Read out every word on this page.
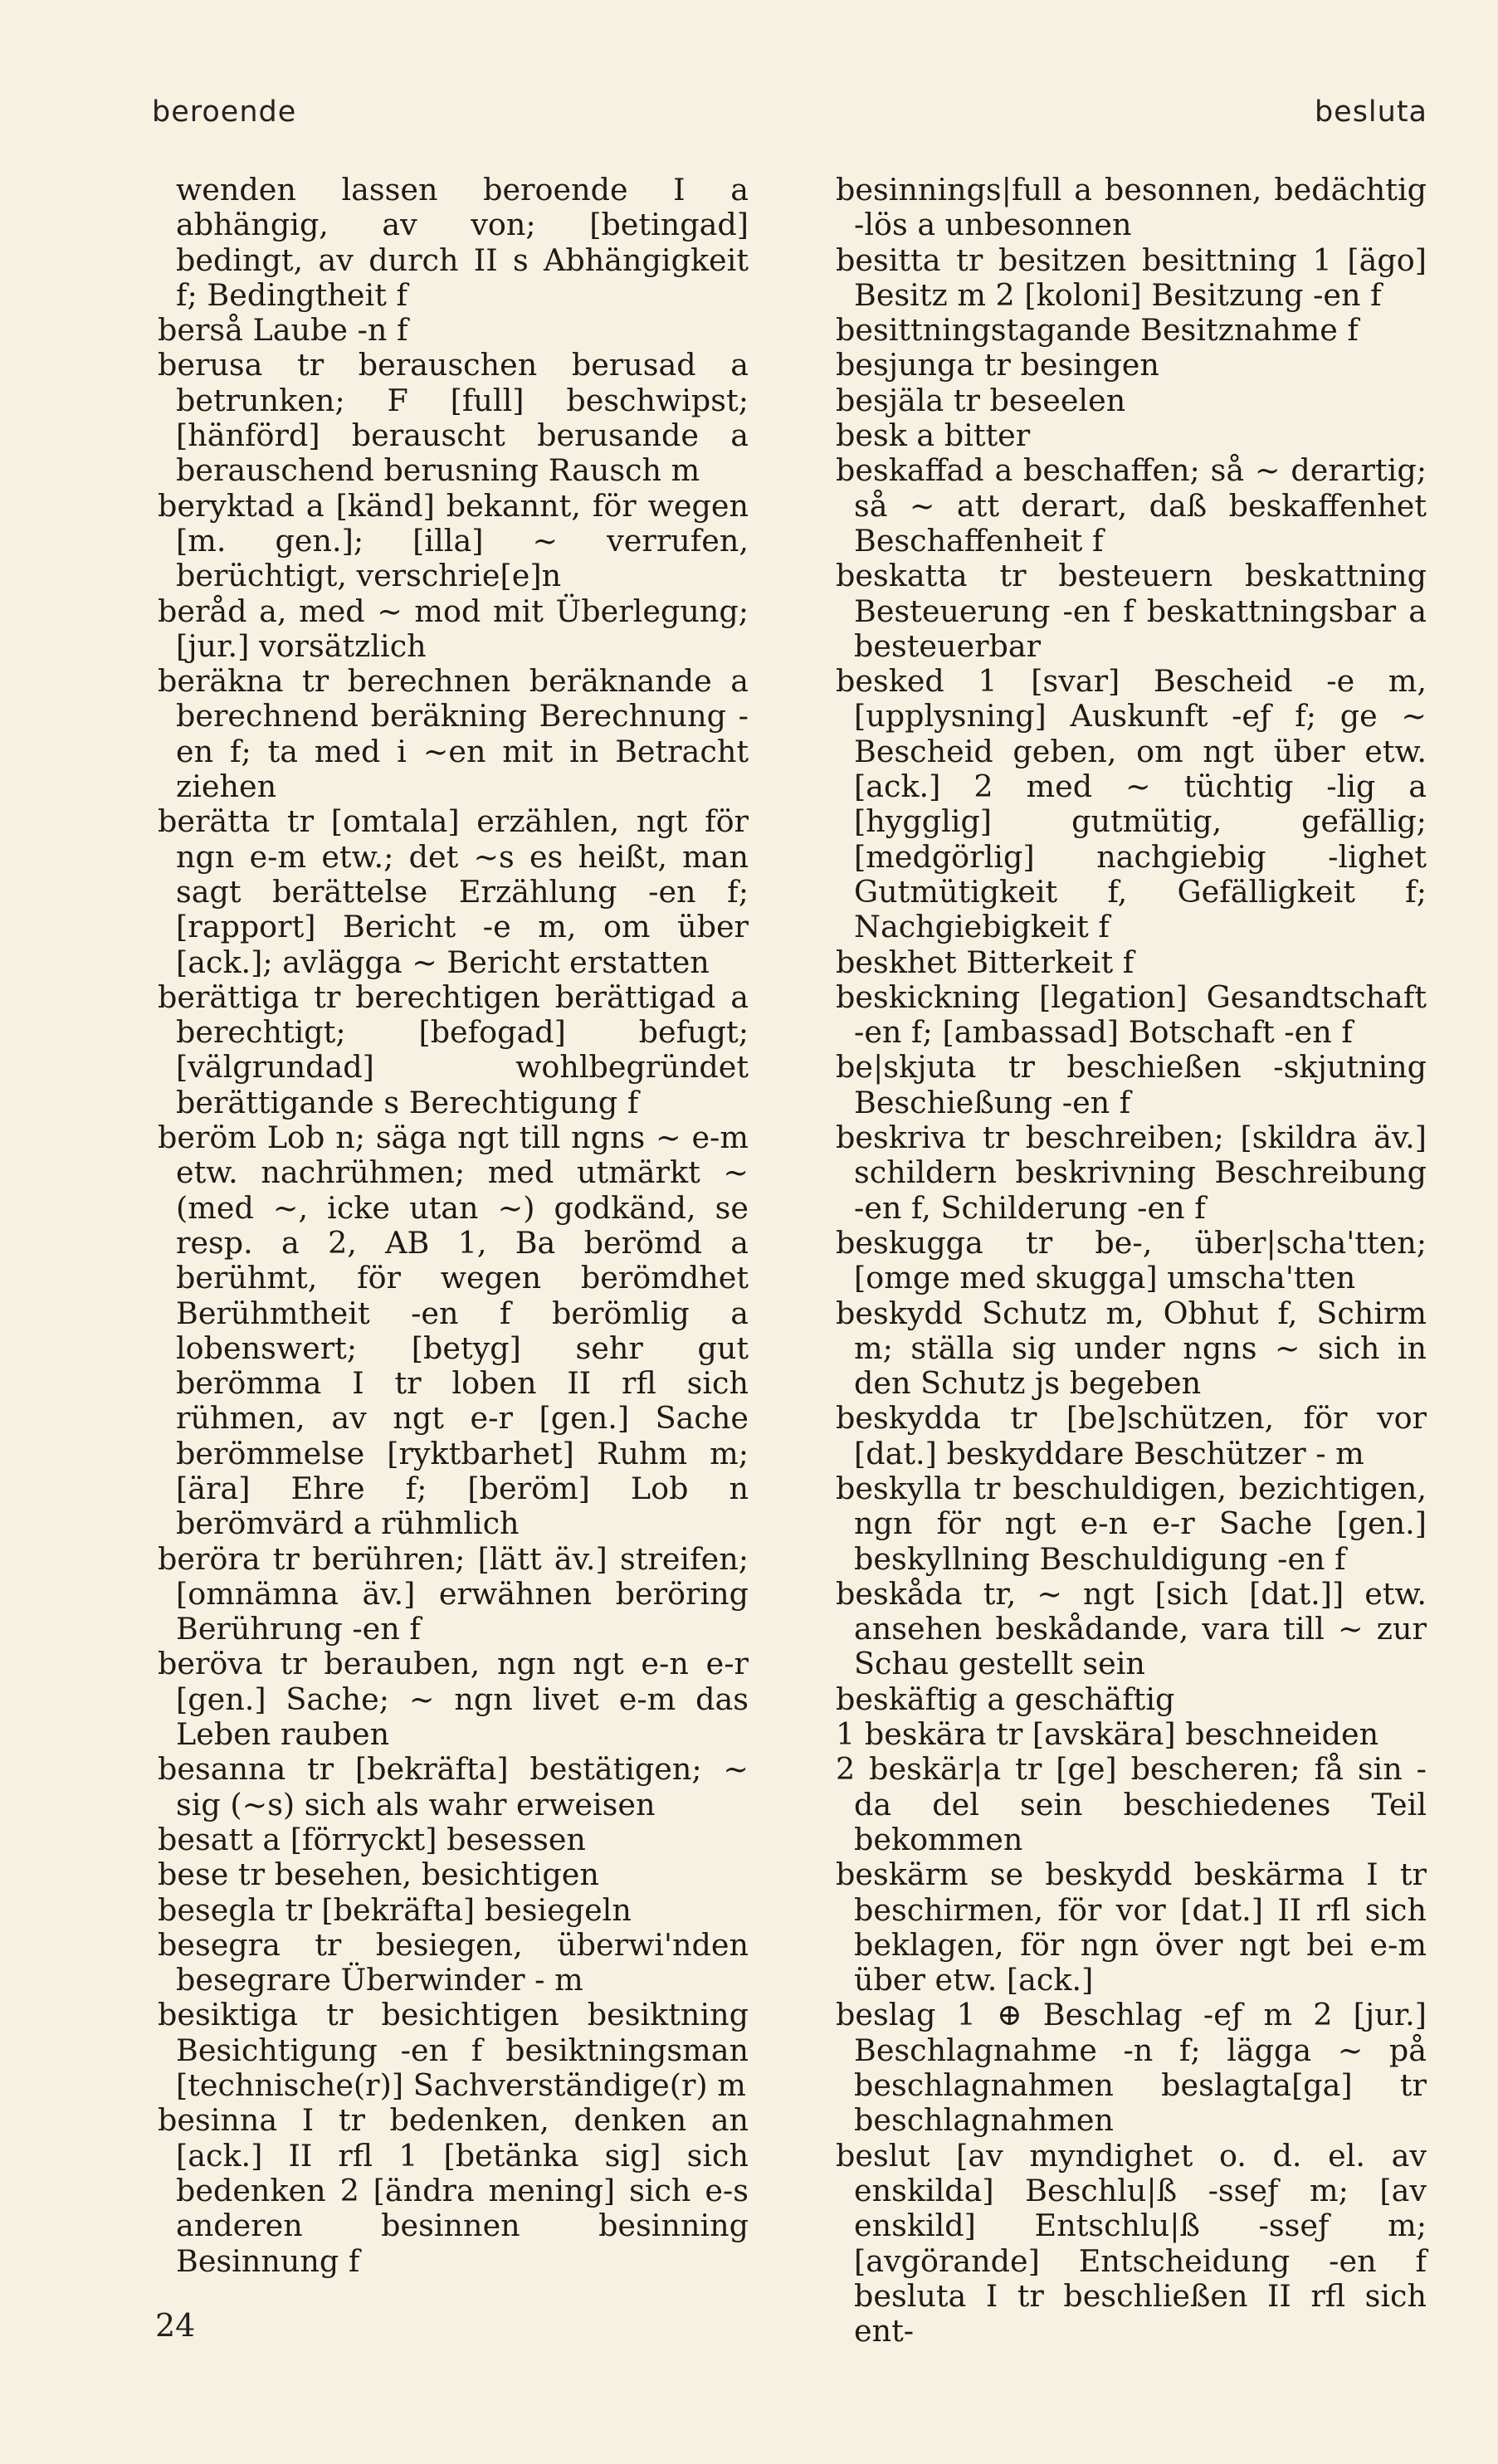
beroende	besluta

wenden lassen beroende I a abhängig, av von; [betingad] bedingt, av durch II s Abhängigkeit f; Bedingtheit f

berså Laube -n f

berusa tr berauschen berusad a betrunken; F [full] beschwipst; [hänförd] berauscht berusande a berauschend berusning Rausch m

beryktad a [känd] bekannt, för wegen [m. gen.]; [illa] ~ verrufen, berüchtigt, verschrie[e]n

beråd a, med ~ mod mit Überlegung; [jur.] vorsätzlich

beräkna tr berechnen beräknande a berechnend beräkning Berechnung -en f; ta med i ~en mit in Betracht ziehen

berätta tr [omtala] erzählen, ngt för ngn e-m etw.; det ~s es heißt, man sagt berättelse Erzählung -en f; [rapport] Bericht -e m, om über [ack.]; avlägga ~ Bericht erstatten

berättiga tr berechtigen berättigad a berechtigt; [befogad] befugt; [välgrundad] wohlbegründet berättigande s Berechtigung f

beröm Lob n; säga ngt till ngns ~ e-m etw. nachrühmen; med utmärkt ~ (med ~, icke utan ~) godkänd, se resp. a 2, AB 1, Ba berömd a berühmt, för wegen berömdhet Berühmtheit -en f berömlig a lobenswert; [betyg] sehr gut berömma I tr loben II rfl sich rühmen, av ngt e-r [gen.] Sache berömmelse [ryktbarhet] Ruhm m; [ära] Ehre f; [beröm] Lob n berömvärd a rühmlich

beröra tr berühren; [lätt äv.] streifen; [omnämna äv.] erwähnen beröring Berührung -en f

beröva tr berauben, ngn ngt e-n e-r [gen.] Sache; ~ ngn livet e-m das Leben rauben

besanna tr [bekräfta] bestätigen; ~ sig (~s) sich als wahr erweisen

besatt a [förryckt] besessen

bese tr besehen, besichtigen

besegla tr [bekräfta] besiegeln

besegra tr besiegen, überwi'nden besegrare Überwinder - m

besiktiga tr besichtigen besiktning Besichtigung -en f besiktningsman [technische(r)] Sachverständige(r) m

besinna I tr bedenken, denken an [ack.] II rfl 1 [betänka sig] sich bedenken 2 [ändra mening] sich e-s anderen besinnen besinning Besinnung f

besinnings|full a besonnen, bedächtig -lös a unbesonnen

besitta tr besitzen besittning 1 [ägo] Besitz m 2 [koloni] Besitzung -en f

besittningstagande Besitznahme f

besjunga tr besingen

besjäla tr beseelen

besk a bitter

beskaffad a beschaffen; så ~ derartig; så ~ att derart, daß beskaffenhet Beschaffenheit f

beskatta tr besteuern beskattning Besteuerung -en f beskattningsbar a besteuerbar

besked 1 [svar] Bescheid -e m, [upplysning] Auskunft -eƒ f; ge ~ Bescheid geben, om ngt über etw. [ack.] 2 med ~ tüchtig -lig a [hygglig] gutmütig, gefällig; [medgörlig] nachgiebig -lighet Gutmütigkeit f, Gefälligkeit f; Nachgiebigkeit f

beskhet Bitterkeit f

beskickning [legation] Gesandtschaft -en f; [ambassad] Botschaft -en f

be|skjuta tr beschießen -skjutning Beschießung -en f

beskriva tr beschreiben; [skildra äv.] schildern beskrivning Beschreibung -en f, Schilderung -en f

beskugga tr be-, über|scha'tten; [omge med skugga] umscha'tten

beskydd Schutz m, Obhut f, Schirm m; ställa sig under ngns ~ sich in den Schutz js begeben

beskydda tr [be]schützen, för vor [dat.] beskyddare Beschützer - m

beskylla tr beschuldigen, bezichtigen, ngn för ngt e-n e-r Sache [gen.] beskyllning Beschuldigung -en f

beskåda tr, ~ ngt [sich [dat.]] etw. ansehen beskådande, vara till ~ zur Schau gestellt sein

beskäftig a geschäftig

1 beskära tr [avskära] beschneiden

2 beskär|a tr [ge] bescheren; få sin -da del sein beschiedenes Teil bekommen

beskärm se beskydd beskärma I tr beschirmen, för vor [dat.] II rfl sich beklagen, för ngn över ngt bei e-m über etw. [ack.]

beslag 1 ⊕ Beschlag -eƒ m 2 [jur.] Beschlagnahme -n f; lägga ~ på beschlagnahmen beslagta[ga] tr beschlagnahmen

beslut [av myndighet o. d. el. av enskilda] Beschlu|ß -sseƒ m; [av enskild] Entschlu|ß -sseƒ m; [avgörande] Entscheidung -en f besluta I tr beschließen II rfl sich ent-

24
